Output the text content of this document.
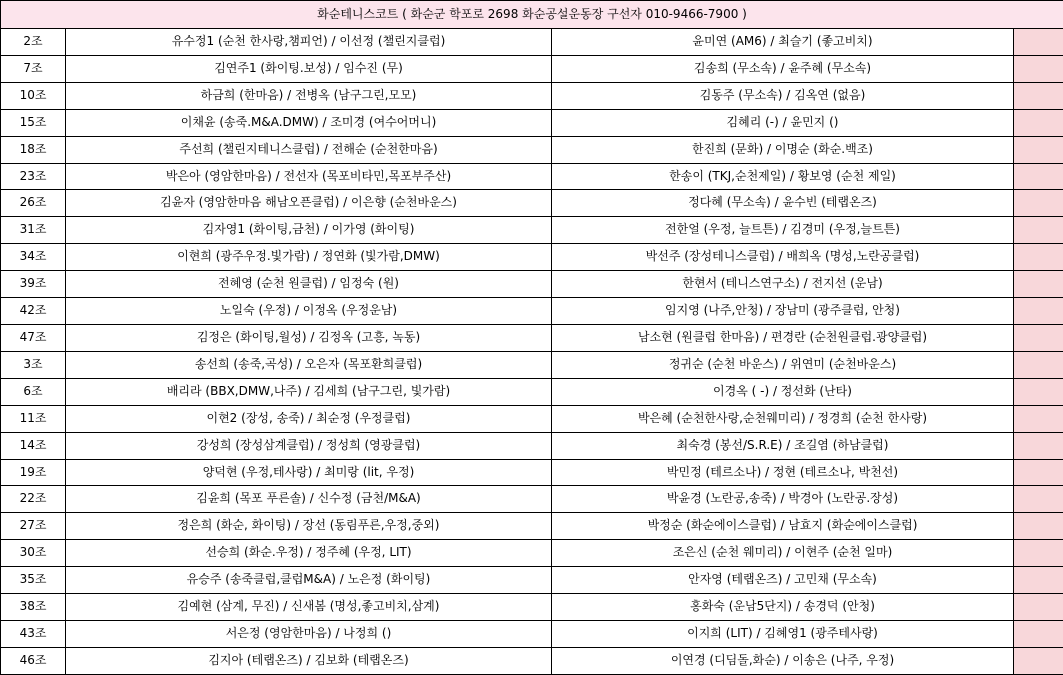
화순테니스코트 ( 화순군 학포로 2698 화순공설운동장 구선자 010-9466-7900 )			
2조	유수정1 (순천 한사랑,챔피언) / 이선정 (챌린지클럽)	윤미연 (AM6) / 최슬기 (좋고비치)	
7조	김연주1 (화이팅.보성) / 임수진 (무)	김송희 (무소속) / 윤주혜 (무소속)	
10조	하금희 (한마음) / 전병옥 (남구그린,모모)	김동주 (무소속) / 김옥연 (없음)	
15조	이채윤 (송죽.M&A.DMW) / 조미경 (여수어머니)	김혜리 (-) / 윤민지 ()	
18조	주선희 (챌린지테니스클럽) / 전해순 (순천한마음)	한진희 (문화) / 이명순 (화순.백조)	
23조	박은아 (영암한마음) / 전선자 (목포비타민,목포부주산)	한송이 (TKJ,순천제일) / 황보영 (순천 제일)	
26조	김윤자 (영암한마음 해남오픈클럽) / 이은향 (순천바운스)	정다혜 (무소속) / 윤수빈 (테랩온즈)	
31조	김자영1 (화이팅,금천) / 이가영 (화이팅)	전한얼 (우정, 늘트튼) / 김경미 (우정,늘트튼)	
34조	이현희 (광주우정.빛가람) / 정연화 (빛가람,DMW)	박선주 (장성테니스클럽) / 배희옥 (명성,노란공클럽)	
39조	전혜영 (순천 원클럽) / 임정숙 (원)	한현서 (테니스연구소) / 전지선 (운남)	
42조	노일숙 (우정) / 이정옥 (우정운남)	임지영 (나주,안청) / 장남미 (광주클럽, 안청)	
47조	김정은 (화이팅,월성) / 김정옥 (고흥, 녹동)	남소현 (원클럽 한마음) / 편경란 (순천원클럽.광양클럽)	
3조	송선희 (송죽,곡성) / 오은자 (목포환희클럽)	정귀순 (순천 바운스) / 위연미 (순천바운스)	
6조	배리라 (BBX,DMW,나주) / 김세희 (남구그린, 빛가람)	이경옥 ( -) / 정선화 (난타)	
11조	이현2 (장성, 송죽) / 최순정 (우정클럽)	박은혜 (순천한사랑,순천웨미리) / 정경희 (순천 한사랑)	
14조	강성희 (장성삼계클럽) / 정성희 (영광클럽)	최숙경 (봉선/S.R.E) / 조길염 (하남클럽)	
19조	양덕현 (우정,테사랑) / 최미랑 (lit, 우정)	박민정 (테르소나) / 정현 (테르소나, 박천선)	
22조	김윤희 (목포 푸른솔) / 신수정 (금천/M&A)	박윤경 (노란공,송죽) / 박경아 (노란공.장성)	
27조	정은희 (화순, 화이팅) / 장선 (동림푸른,우정,중외)	박정순 (화순에이스클럽) / 남효지 (화순에이스클럽)	
30조	선승희 (화순.우정) / 정주혜 (우정, LIT)	조은신 (순천 웨미리) / 이현주 (순천 일마)	
35조	유승주 (송죽클럽,클럽M&A) / 노은정 (화이팅)	안자영 (테랩온즈) / 고민채 (무소속)	
38조	김예현 (삼계, 무진) / 신새봄 (명성,좋고비치,삼계)	홍화숙 (운남5단지) / 송경덕 (안청)	
43조	서은정 (영암한마음) / 나정희 ()	이지희 (LIT) / 김혜영1 (광주테사랑)	
46조	김지아 (테랩온즈) / 김보화 (테랩온즈)	이연경 (디딤돌,화순) / 이송은 (나주, 우정)	
